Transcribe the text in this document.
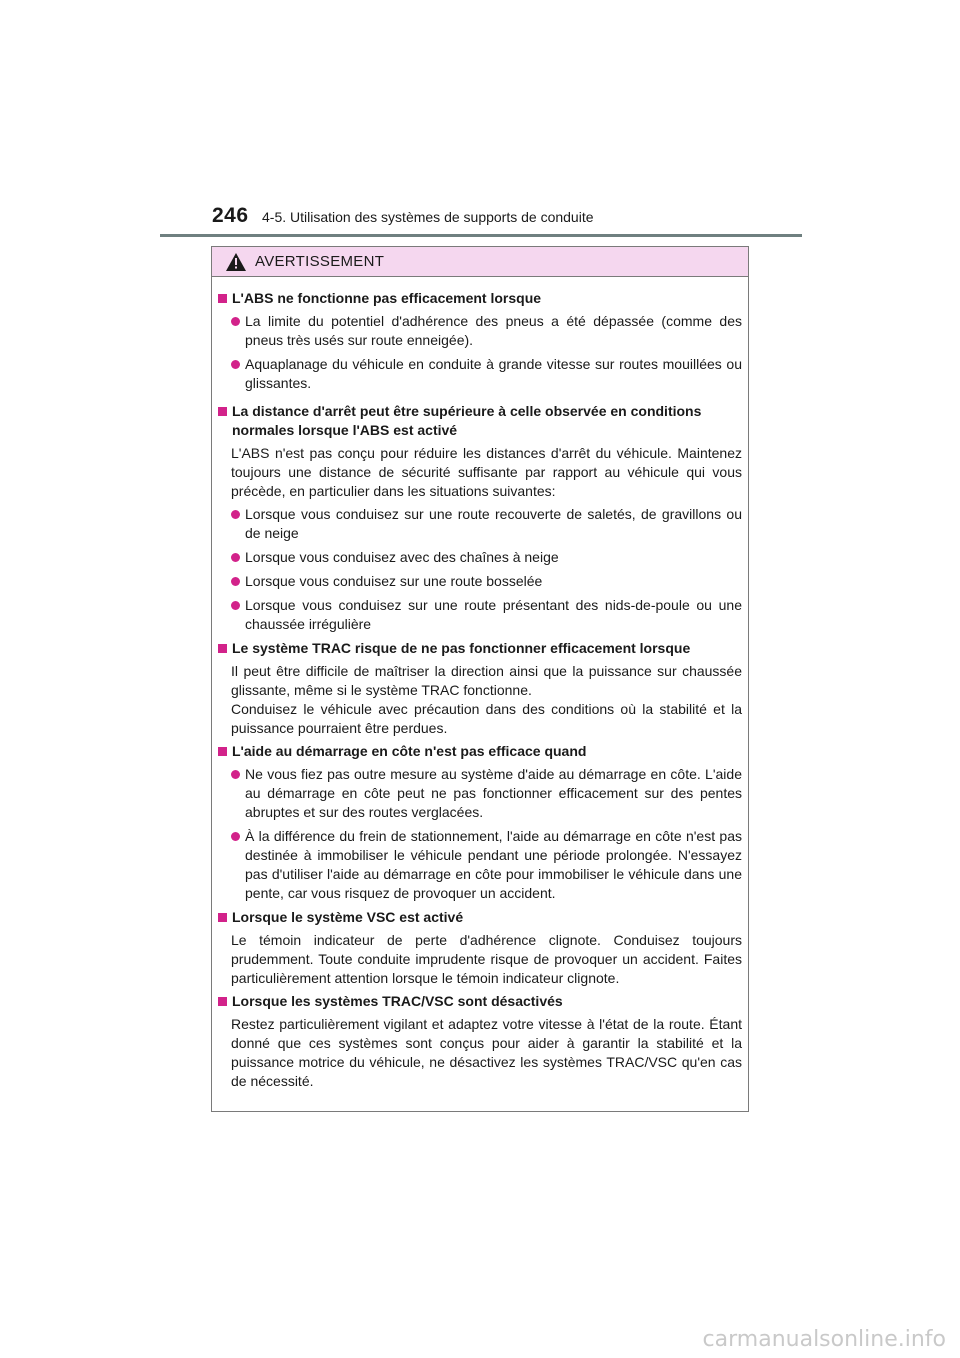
246 4-5. Utilisation des systèmes de supports de conduite
AVERTISSEMENT
L'ABS ne fonctionne pas efficacement lorsque
La limite du potentiel d'adhérence des pneus a été dépassée (comme des pneus très usés sur route enneigée).
Aquaplanage du véhicule en conduite à grande vitesse sur routes mouillées ou glissantes.
La distance d'arrêt peut être supérieure à celle observée en conditions normales lorsque l'ABS est activé
L'ABS n'est pas conçu pour réduire les distances d'arrêt du véhicule. Maintenez toujours une distance de sécurité suffisante par rapport au véhicule qui vous précède, en particulier dans les situations suivantes:
Lorsque vous conduisez sur une route recouverte de saletés, de gravillons ou de neige
Lorsque vous conduisez avec des chaînes à neige
Lorsque vous conduisez sur une route bosselée
Lorsque vous conduisez sur une route présentant des nids-de-poule ou une chaussée irrégulière
Le système TRAC risque de ne pas fonctionner efficacement lorsque
Il peut être difficile de maîtriser la direction ainsi que la puissance sur chaussée glissante, même si le système TRAC fonctionne.
Conduisez le véhicule avec précaution dans des conditions où la stabilité et la puissance pourraient être perdues.
L'aide au démarrage en côte n'est pas efficace quand
Ne vous fiez pas outre mesure au système d'aide au démarrage en côte. L'aide au démarrage en côte peut ne pas fonctionner efficacement sur des pentes abruptes et sur des routes verglacées.
À la différence du frein de stationnement, l'aide au démarrage en côte n'est pas destinée à immobiliser le véhicule pendant une période prolongée. N'essayez pas d'utiliser l'aide au démarrage en côte pour immobiliser le véhicule dans une pente, car vous risquez de provoquer un accident.
Lorsque le système VSC est activé
Le témoin indicateur de perte d'adhérence clignote. Conduisez toujours prudemment. Toute conduite imprudente risque de provoquer un accident. Faites particulièrement attention lorsque le témoin indicateur clignote.
Lorsque les systèmes TRAC/VSC sont désactivés
Restez particulièrement vigilant et adaptez votre vitesse à l'état de la route. Étant donné que ces systèmes sont conçus pour aider à garantir la stabilité et la puissance motrice du véhicule, ne désactivez les systèmes TRAC/VSC qu'en cas de nécessité.
carmanualsonline.info
